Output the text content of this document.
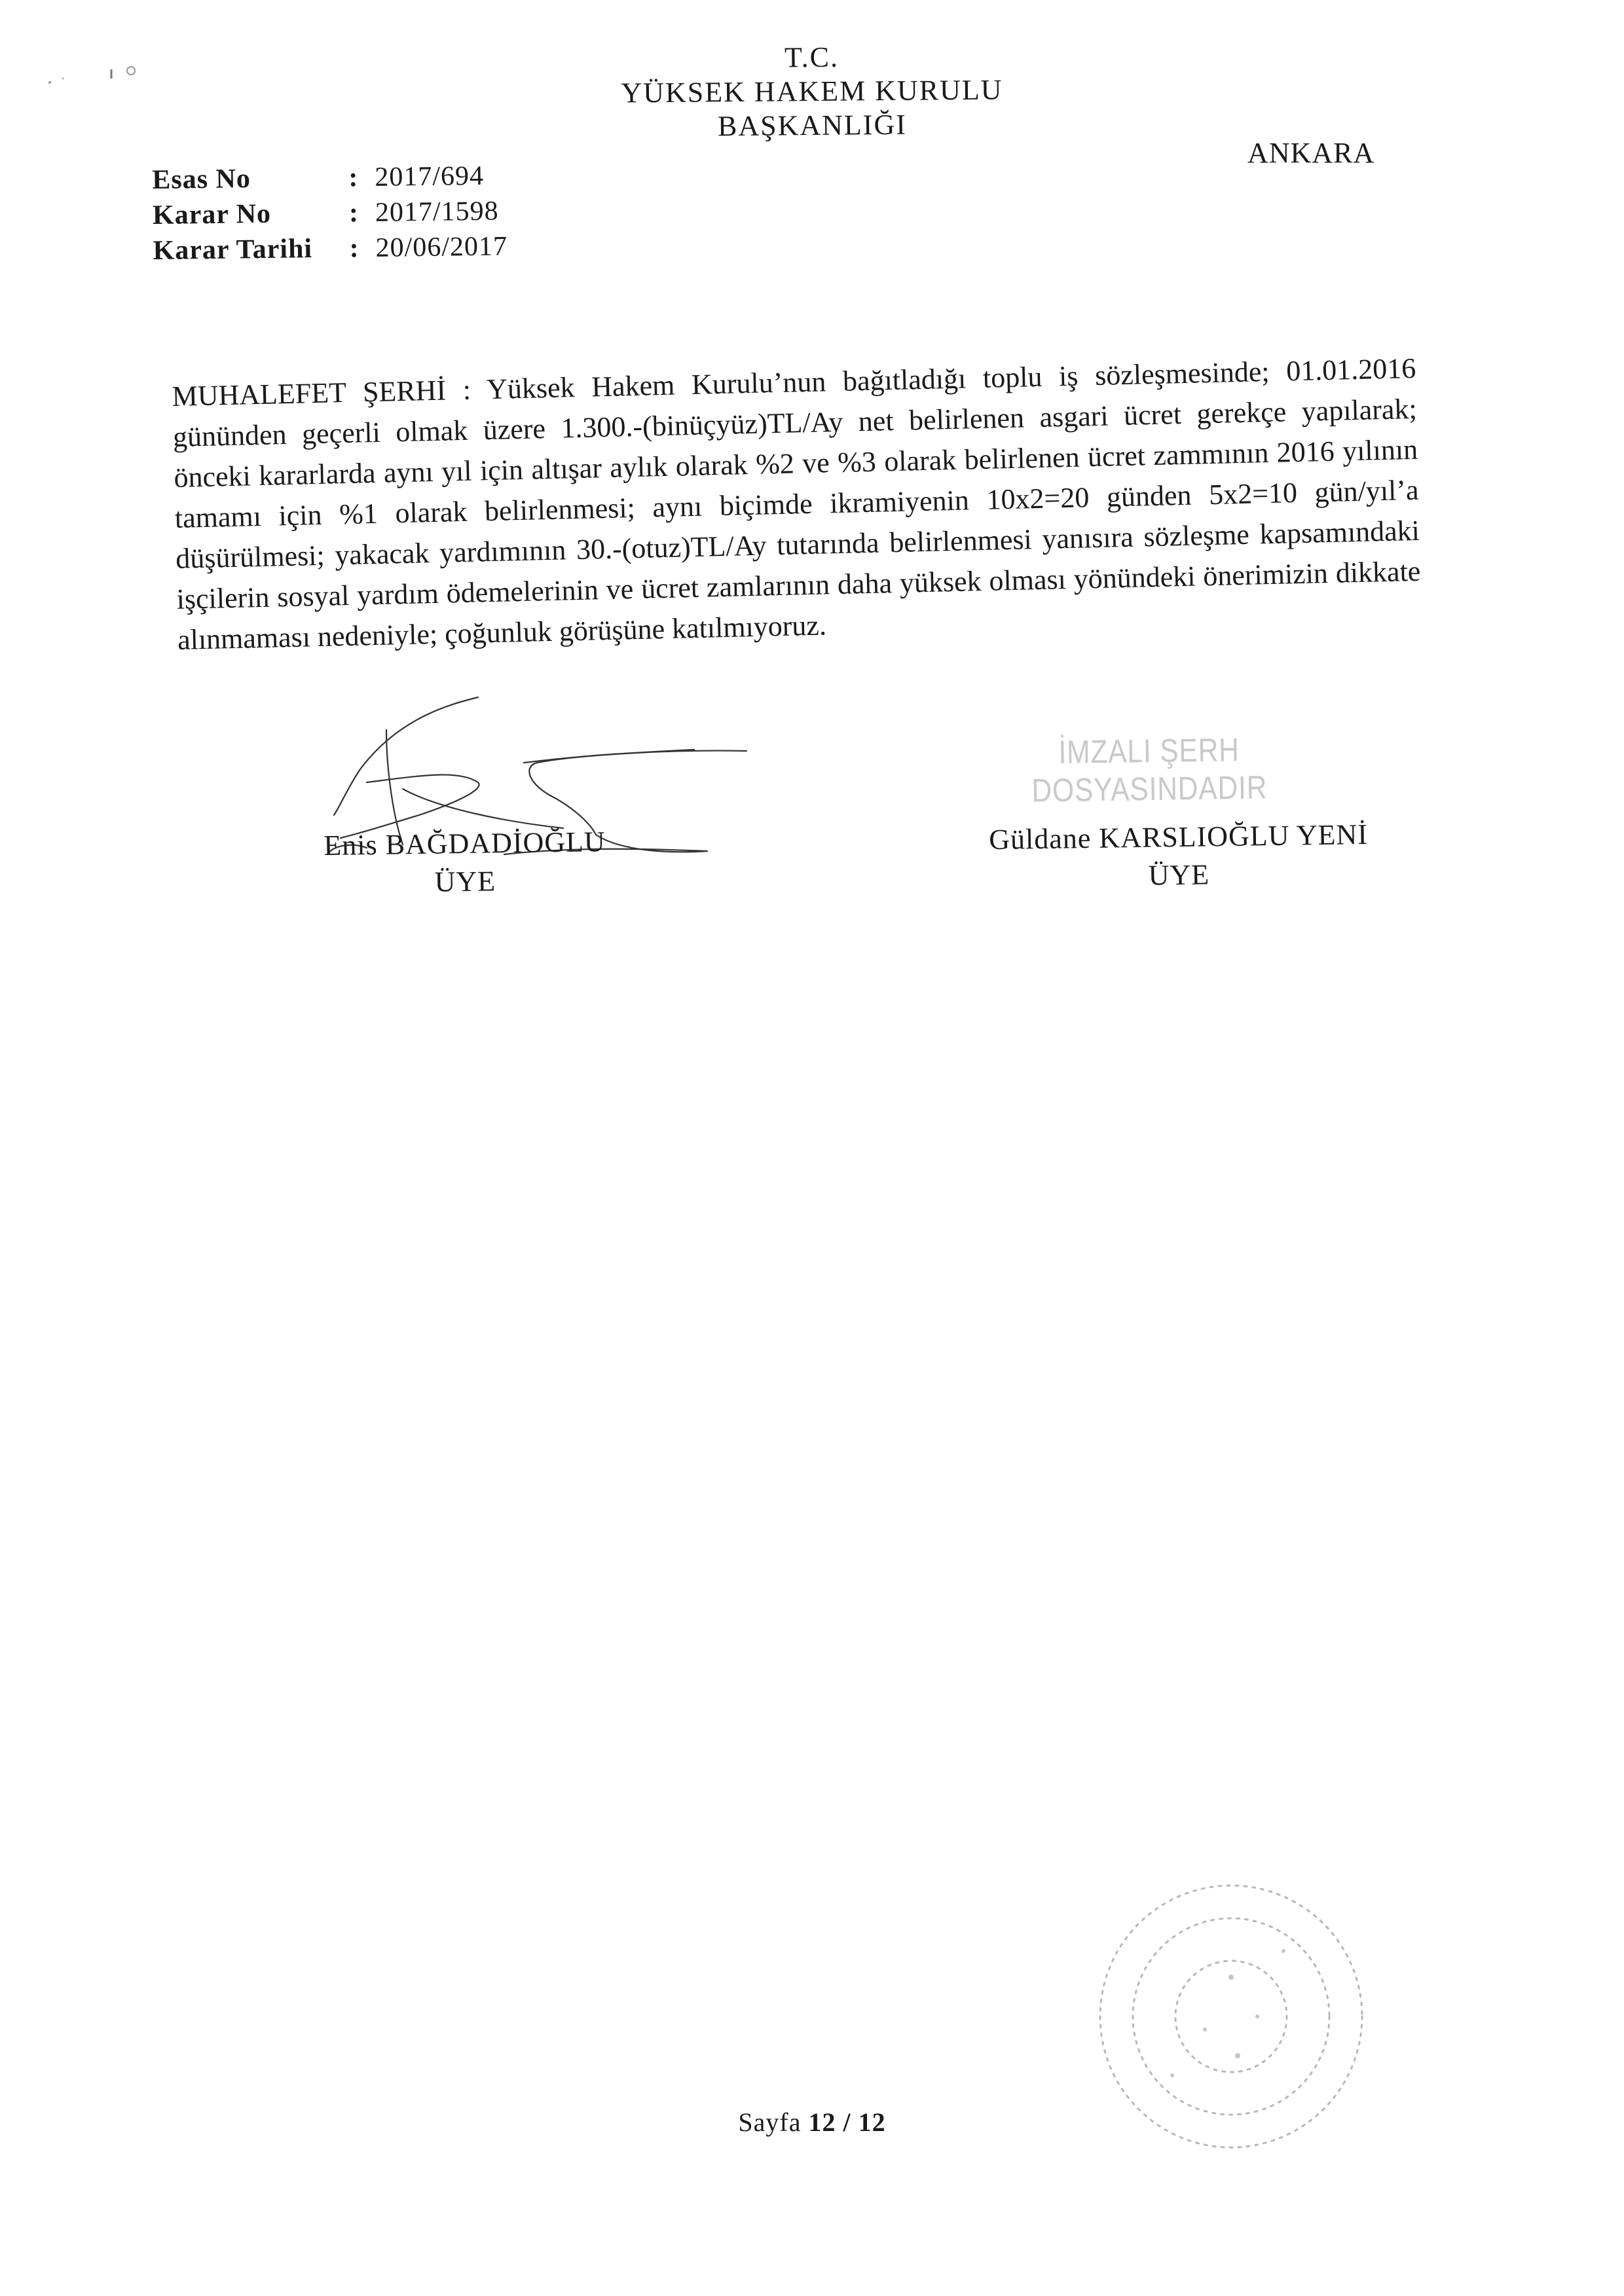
T.C.
YÜKSEK HAKEM KURULU
BAŞKANLIĞI
ANKARA
Esas No	: 2017/694
Karar No	: 2017/1598
Karar Tarihi	: 20/06/2017
MUHALEFET ŞERHİ : Yüksek Hakem Kurulu’nun bağıtladığı toplu iş sözleşmesinde; 01.01.2016 gününden geçerli olmak üzere 1.300.-(binüçyüz)TL/Ay net belirlenen asgari ücret gerekçe yapılarak; önceki kararlarda aynı yıl için altışar aylık olarak %2 ve %3 olarak belirlenen ücret zammının 2016 yılının tamamı için %1 olarak belirlenmesi; aynı biçimde ikramiyenin 10x2=20 günden 5x2=10 gün/yıl’a düşürülmesi; yakacak yardımının 30.-(otuz)TL/Ay tutarında belirlenmesi yanısıra sözleşme kapsamındaki işçilerin sosyal yardım ödemelerinin ve ücret zamlarının daha yüksek olması yönündeki önerimizin dikkate alınmaması nedeniyle; çoğunluk görüşüne katılmıyoruz.
Enis BAĞDADİOĞLU
ÜYE
İMZALI ŞERH DOSYASINDADIR
Güldane KARSLIOĞLU YENİ
ÜYE
Sayfa 12 / 12
